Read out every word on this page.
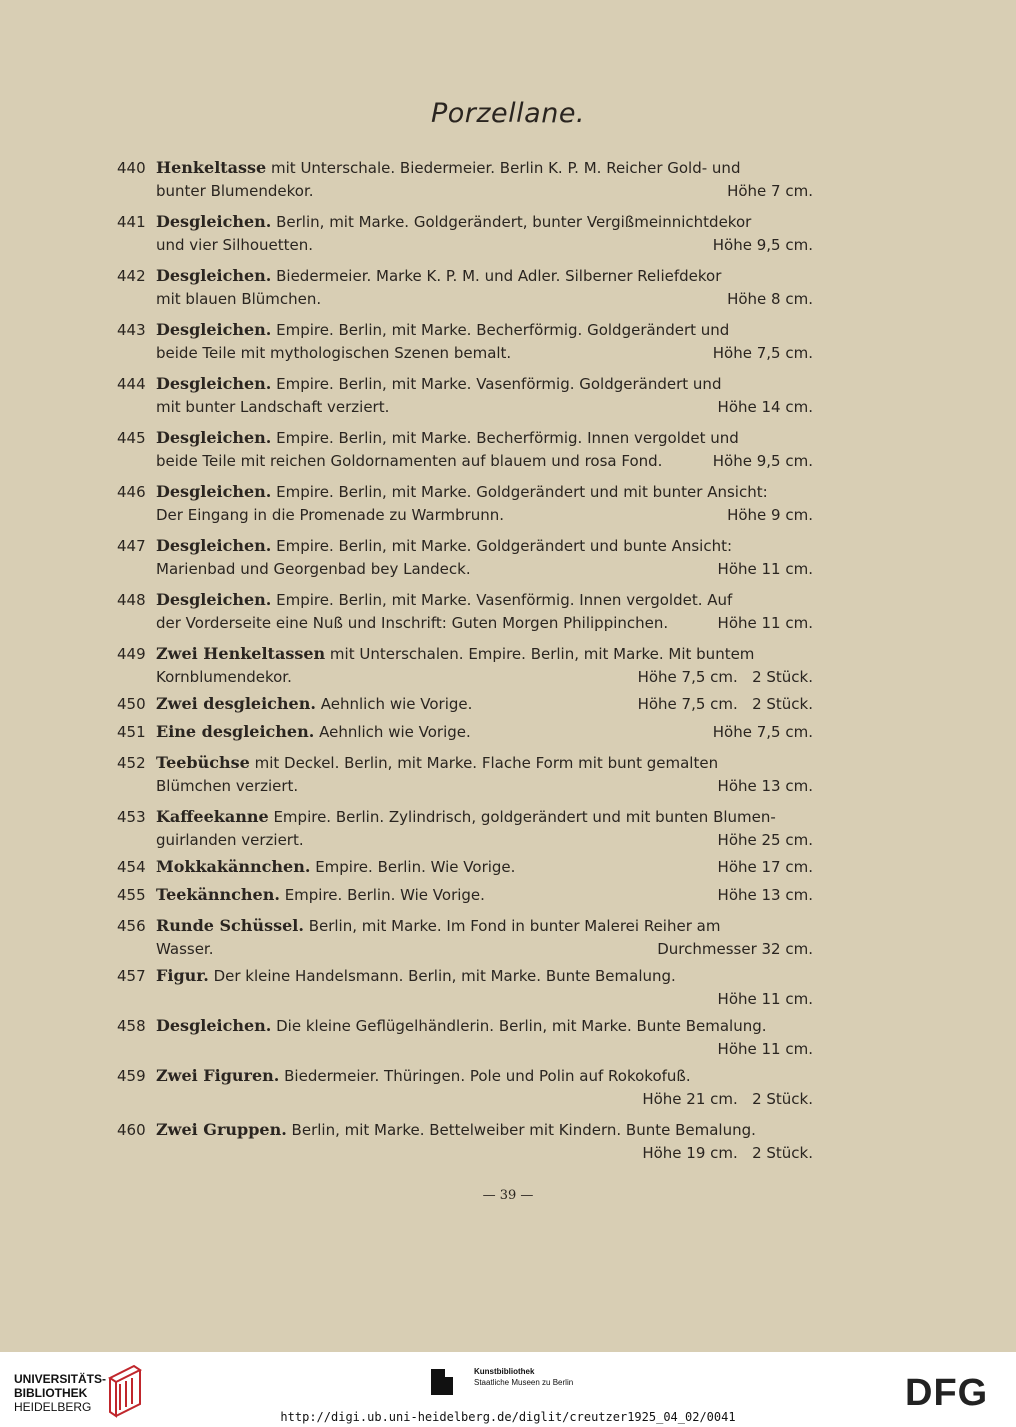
Porzellane.
440 Henkeltasse mit Unterschale. Biedermeier. Berlin K. P. M. Reicher Gold- und
bunter Blumendekor.	Höhe 7 cm.
441 Desgleichen. Berlin, mit Marke. Goldgerändert, bunter Vergißmeinnichtdekor
und vier Silhouetten.	Höhe 9,5 cm.
442 Desgleichen. Biedermeier. Marke K. P. M. und Adler. Silberner Reliefdekor
mit blauen Blümchen.	Höhe 8 cm.
443 Desgleichen. Empire. Berlin, mit Marke. Becherförmig. Goldgerändert und
beide Teile mit mythologischen Szenen bemalt.	Höhe 7,5 cm.
444 Desgleichen. Empire. Berlin, mit Marke. Vasenförmig. Goldgerändert und
mit bunter Landschaft verziert.	Höhe 14 cm.
445 Desgleichen. Empire. Berlin, mit Marke. Becherförmig. Innen vergoldet und
beide Teile mit reichen Goldornamenten auf blauem und rosa Fond.	Höhe 9,5 cm.
446 Desgleichen. Empire. Berlin, mit Marke. Goldgerändert und mit bunter Ansicht:
Der Eingang in die Promenade zu Warmbrunn.	Höhe 9 cm.
447 Desgleichen. Empire. Berlin, mit Marke. Goldgerändert und bunte Ansicht:
Marienbad und Georgenbad bey Landeck.	Höhe 11 cm.
448 Desgleichen. Empire. Berlin, mit Marke. Vasenförmig. Innen vergoldet. Auf
der Vorderseite eine Nuß und Inschrift: Guten Morgen Philippinchen.	Höhe 11 cm.
449 Zwei Henkeltassen mit Unterschalen. Empire. Berlin, mit Marke. Mit buntem
Kornblumendekor.	Höhe 7,5 cm.   2 Stück.
450 Zwei desgleichen. Aehnlich wie Vorige.	Höhe 7,5 cm.   2 Stück.
451 Eine desgleichen. Aehnlich wie Vorige.	Höhe 7,5 cm.
452 Teebüchse mit Deckel. Berlin, mit Marke. Flache Form mit bunt gemalten
Blümchen verziert.	Höhe 13 cm.
453 Kaffeekanne Empire. Berlin. Zylindrisch, goldgerändert und mit bunten Blumen-
guirlanden verziert.	Höhe 25 cm.
454 Mokkakännchen. Empire. Berlin. Wie Vorige.	Höhe 17 cm.
455 Teekännchen. Empire. Berlin. Wie Vorige.	Höhe 13 cm.
456 Runde Schüssel. Berlin, mit Marke. Im Fond in bunter Malerei Reiher am
Wasser.	Durchmesser 32 cm.
457 Figur. Der kleine Handelsmann. Berlin, mit Marke. Bunte Bemalung.
Höhe 11 cm.
458 Desgleichen. Die kleine Geflügelhändlerin. Berlin, mit Marke. Bunte Bemalung.
Höhe 11 cm.
459 Zwei Figuren. Biedermeier. Thüringen. Pole und Polin auf Rokokofuß.
Höhe 21 cm.   2 Stück.
460 Zwei Gruppen. Berlin, mit Marke. Bettelweiber mit Kindern. Bunte Bemalung.
Höhe 19 cm.   2 Stück.
— 39 —
UNIVERSITÄTS-
BIBLIOTHEK
HEIDELBERG
Kunstbibliothek
Staatliche Museen zu Berlin	DFG
http://digi.ub.uni-heidelberg.de/diglit/creutzer1925_04_02/0041
